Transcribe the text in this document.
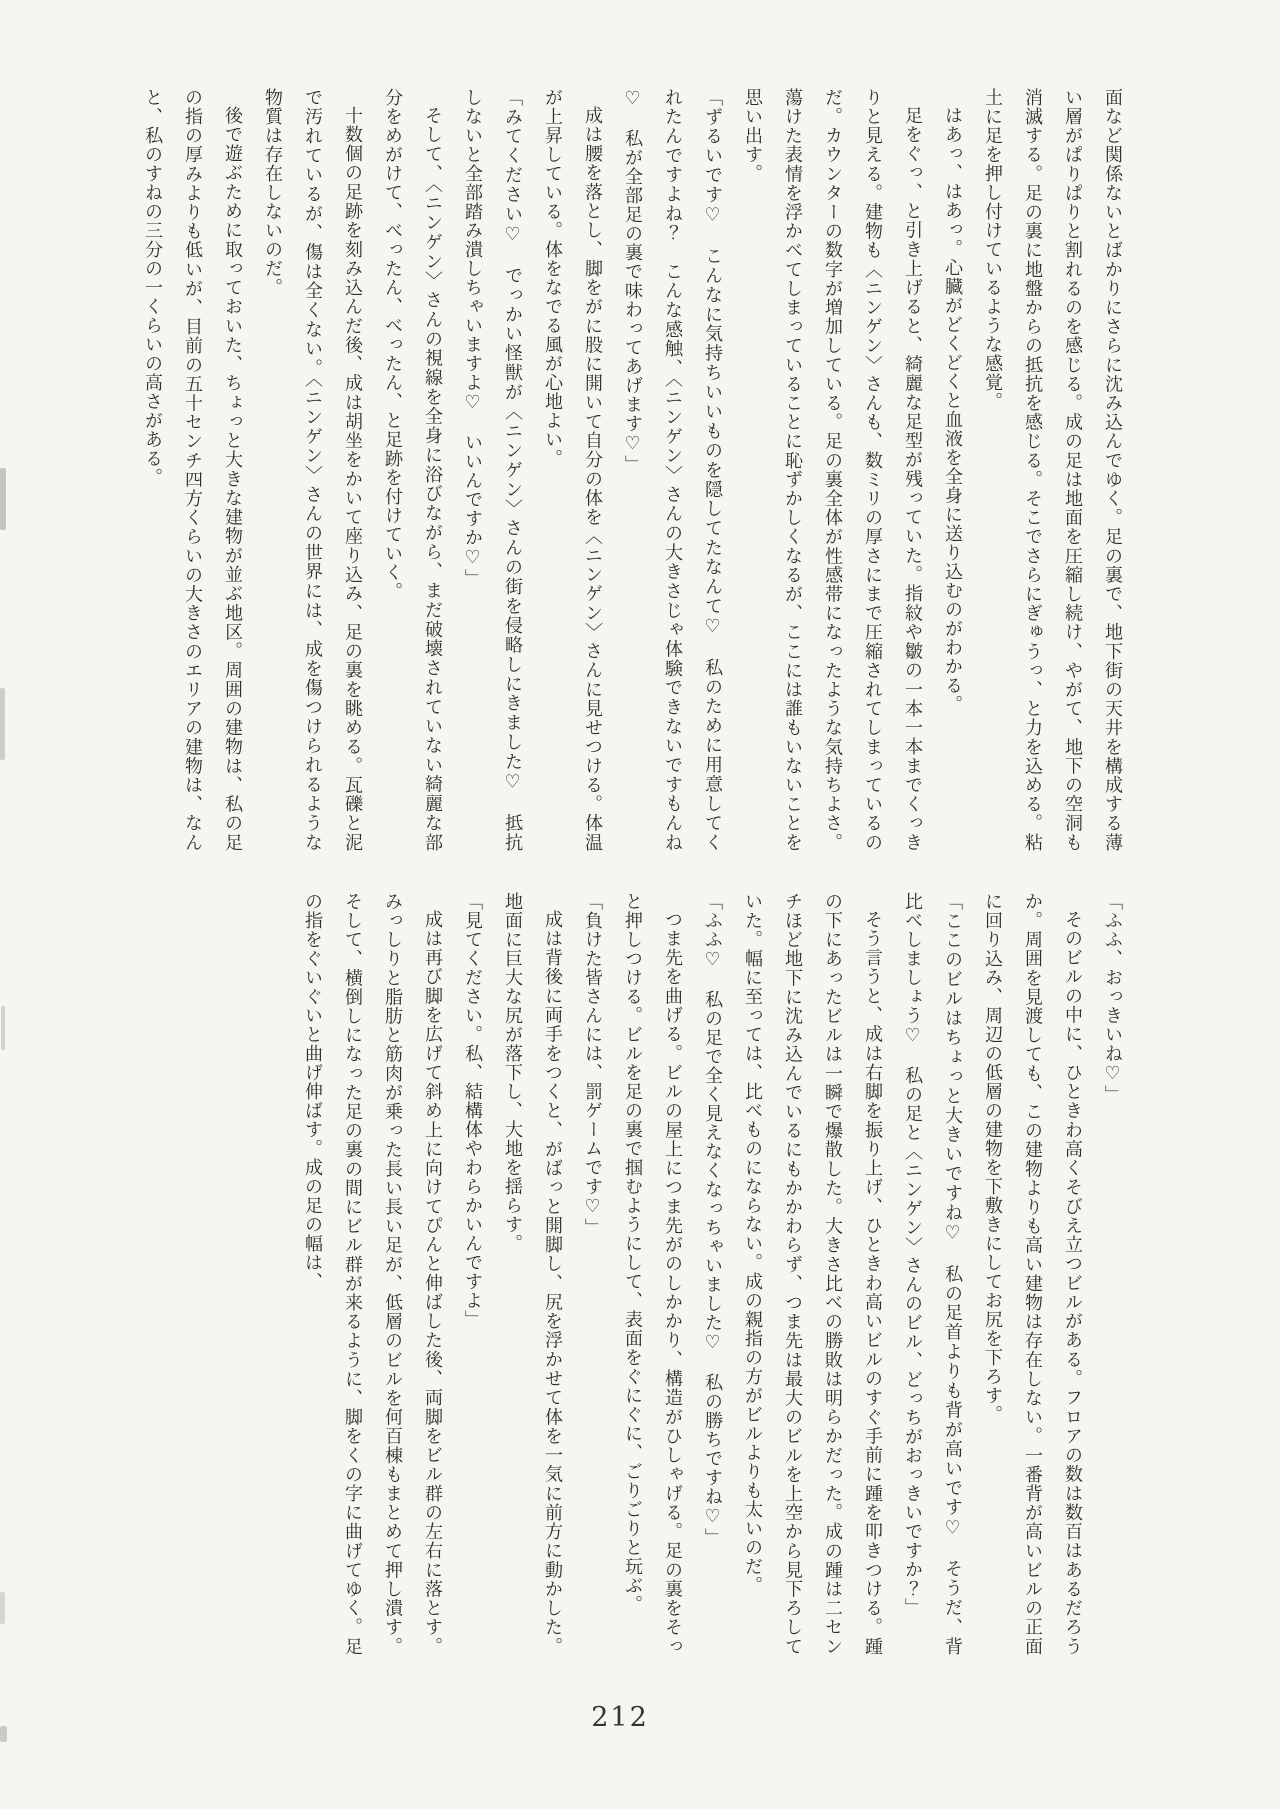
面など関係ないとばかりにさらに沈み込んでゆく。足の裏で、地下街の天井を構成する薄い層がぱりぱりと割れるのを感じる。成の足は地面を圧縮し続け、やがて、地下の空洞も消滅する。足の裏に地盤からの抵抗を感じる。そこでさらにぎゅうっ、と力を込める。粘土に足を押し付けているような感覚。

はあっ、はあっ。心臓がどくどくと血液を全身に送り込むのがわかる。

足をぐっ、と引き上げると、綺麗な足型が残っていた。指紋や皺の一本一本までくっきりと見える。建物も〈ニンゲン〉さんも、数ミリの厚さにまで圧縮されてしまっているのだ。カウンターの数字が増加している。足の裏全体が性感帯になったような気持ちよさ。蕩けた表情を浮かべてしまっていることに恥ずかしくなるが、ここには誰もいないことを思い出す。

「ずるいです♡　こんなに気持ちいいものを隠してたなんて♡　私のために用意してくれたんですよね？　こんな感触、〈ニンゲン〉さんの大きさじゃ体験できないですもんね♡　私が全部足の裏で味わってあげます♡」

成は腰を落とし、脚をがに股に開いて自分の体を〈ニンゲン〉さんに見せつける。体温が上昇している。体をなでる風が心地よい。

「みてください♡　でっかい怪獣が〈ニンゲン〉さんの街を侵略しにきました♡　抵抗しないと全部踏み潰しちゃいますよ♡　いいんですか♡」

そして、〈ニンゲン〉さんの視線を全身に浴びながら、まだ破壊されていない綺麗な部分をめがけて、べったん、べったん、と足跡を付けていく。

十数個の足跡を刻み込んだ後、成は胡坐をかいて座り込み、足の裏を眺める。瓦礫と泥で汚れているが、傷は全くない。〈ニンゲン〉さんの世界には、成を傷つけられるような物質は存在しないのだ。

後で遊ぶために取っておいた、ちょっと大きな建物が並ぶ地区。周囲の建物は、私の足の指の厚みよりも低いが、目前の五十センチ四方くらいの大きさのエリアの建物は、なんと、私のすねの三分の一くらいの高さがある。

「ふふ、おっきいね♡」

そのビルの中に、ひときわ高くそびえ立つビルがある。フロアの数は数百はあるだろうか。周囲を見渡しても、この建物よりも高い建物は存在しない。一番背が高いビルの正面に回り込み、周辺の低層の建物を下敷きにしてお尻を下ろす。

「ここのビルはちょっと大きいですね♡　私の足首よりも背が高いです♡　そうだ、背比べしましょう♡　私の足と〈ニンゲン〉さんのビル、どっちがおっきいですか？」

そう言うと、成は右脚を振り上げ、ひときわ高いビルのすぐ手前に踵を叩きつける。踵の下にあったビルは一瞬で爆散した。大きさ比べの勝敗は明らかだった。成の踵は二センチほど地下に沈み込んでいるにもかかわらず、つま先は最大のビルを上空から見下ろしていた。幅に至っては、比べものにならない。成の親指の方がビルよりも太いのだ。

「ふふ♡　私の足で全く見えなくなっちゃいました♡　私の勝ちですね♡」

つま先を曲げる。ビルの屋上につま先がのしかかり、構造がひしゃげる。足の裏をそっと押しつける。ビルを足の裏で掴むようにして、表面をぐにぐに、ごりごりと玩ぶ。

「負けた皆さんには、罰ゲームです♡」

成は背後に両手をつくと、がばっと開脚し、尻を浮かせて体を一気に前方に動かした。地面に巨大な尻が落下し、大地を揺らす。

「見てください。私、結構体やわらかいんですよ」

成は再び脚を広げて斜め上に向けてぴんと伸ばした後、両脚をビル群の左右に落とす。みっしりと脂肪と筋肉が乗った長い長い足が、低層のビルを何百棟もまとめて押し潰す。そして、横倒しになった足の裏の間にビル群が来るように、脚をくの字に曲げてゆく。足の指をぐいぐいと曲げ伸ばす。成の足の幅は、

212
